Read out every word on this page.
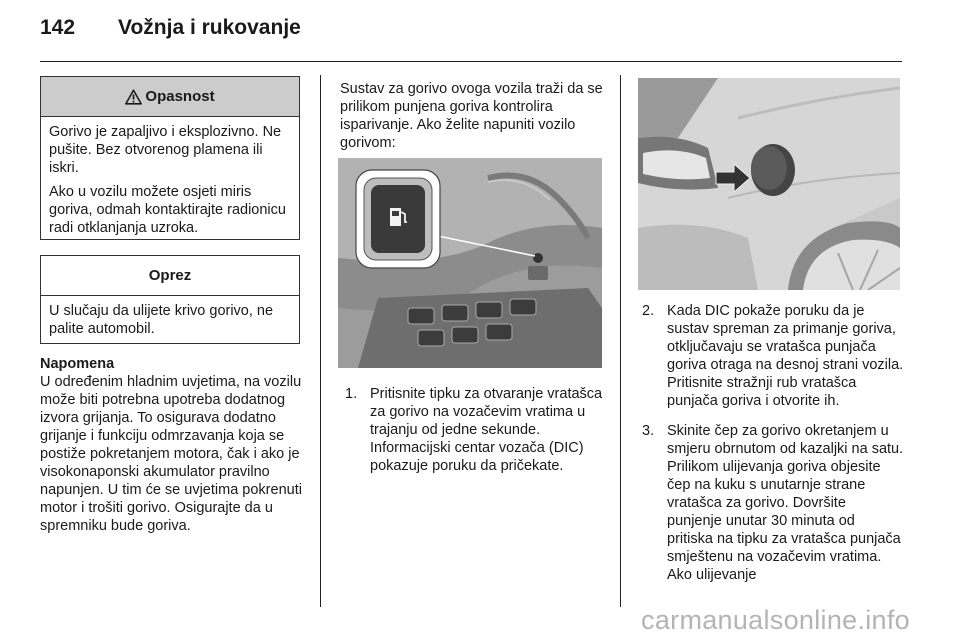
142 Vožnja i rukovanje
Opasnost

Gorivo je zapaljivo i eksplozivno. Ne pušite. Bez otvorenog plamena ili iskri.

Ako u vozilu možete osjeti miris goriva, odmah kontaktirajte radionicu radi otklanjanja uzroka.

Oprez

U slučaju da ulijete krivo gorivo, ne palite automobil.

Napomena
U određenim hladnim uvjetima, na vozilu može biti potrebna upotreba dodatnog izvora grijanja. To osigurava dodatno grijanje i funkciju odmrzavanja koja se postiže pokretanjem motora, čak i ako je visokonaponski akumulator pravilno napunjen. U tim će se uvjetima pokrenuti motor i trošiti gorivo. Osigurajte da u spremniku bude goriva.
Sustav za gorivo ovoga vozila traži da se prilikom punjena goriva kontrolira isparivanje. Ako želite napuniti vozilo gorivom:
1. Pritisnite tipku za otvaranje vratašca za gorivo na vozačevim vratima u trajanju od jedne sekunde. Informacijski centar vozača (DIC) pokazuje poruku da pričekate.
2. Kada DIC pokaže poruku da je sustav spreman za primanje goriva, otključavaju se vratašca punjača goriva otraga na desnoj strani vozila. Pritisnite stražnji rub vratašca punjača goriva i otvorite ih.
3. Skinite čep za gorivo okretanjem u smjeru obrnutom od kazaljki na satu. Prilikom ulijevanja goriva objesite čep na kuku s unutarnje strane vratašca za gorivo. Dovršite punjenje unutar 30 minuta od pritiska na tipku za vratašca punjača smještenu na vozačevim vratima. Ako ulijevanje
carmanualsonline.info
